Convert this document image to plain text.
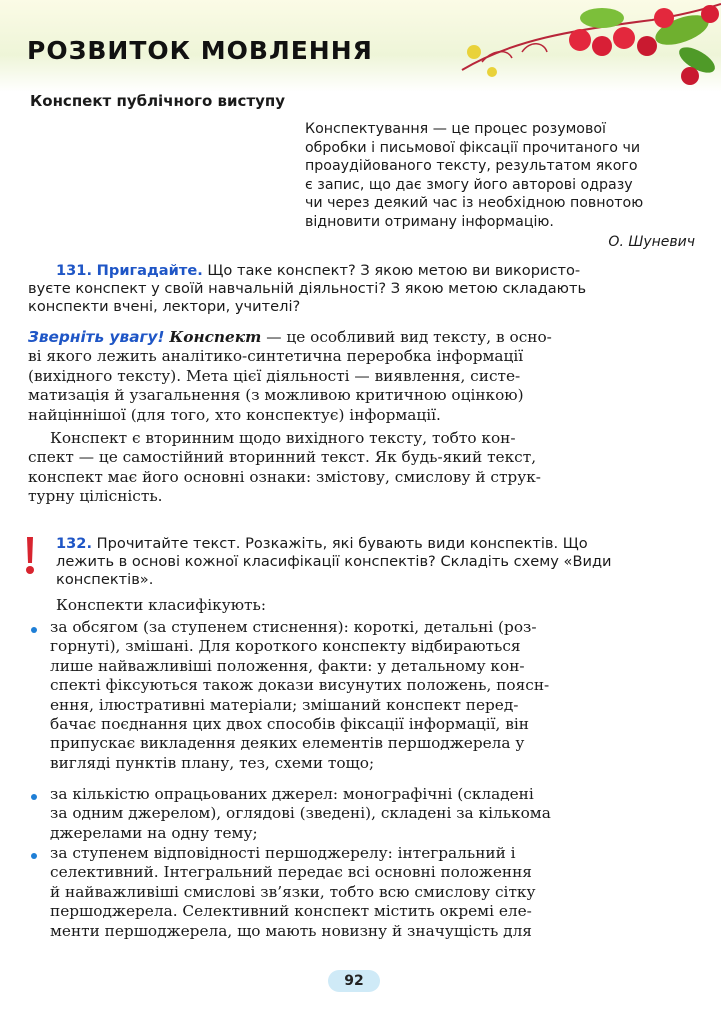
РОЗВИТОК МОВЛЕННЯ
Конспект публічного виступу
Конспектування — це процес розумової
обробки і письмової фіксації прочитаного чи
проаудійованого тексту, результатом якого
є запис, що дає змогу його авторові одразу
чи через деякий час із необхідною повнотою
відновити отриману інформацію.
О. Шуневич
131. Пригадайте. Що таке конспект? З якою метою ви використо-
вуєте конспект у своїй навчальній діяльності? З якою метою складають
конспекти вчені, лектори, учителі?
Зверніть увагу! Конспект — це особливий вид тексту, в осно-
ві якого лежить аналітико-синтетична переробка інформації
(вихідного тексту). Мета цієї діяльності — виявлення, систе-
матизація й узагальнення (з можливою критичною оцінкою)
найціннішої (для того, хто конспектує) інформації.
Конспект є вторинним щодо вихідного тексту, тобто кон-
спект — це самостійний вторинний текст. Як будь-який текст,
конспект має його основні ознаки: змістову, смислову й струк-
турну цілісність.
132. Прочитайте текст. Розкажіть, які бувають види конспектів. Що
лежить в основі кожної класифікації конспектів? Складіть схему «Види
конспектів».
Конспекти класифікують:
за обсягом (за ступенем стиснення): короткі, детальні (роз-
горнуті), змішані. Для короткого конспекту відбираються
лише найважливіші положення, факти: у детальному кон-
спекті фіксуються також докази висунутих положень, поясн-
ення, ілюстративні матеріали; змішаний конспект перед-
бачає поєднання цих двох способів фіксації інформації, він
припускає викладення деяких елементів першоджерела у
вигляді пунктів плану, тез, схеми тощо;
за кількістю опрацьованих джерел: монографічні (складені
за одним джерелом), оглядові (зведені), складені за кількома
джерелами на одну тему;
за ступенем відповідності першоджерелу: інтегральний і
селективний. Інтегральний передає всі основні положення
й найважливіші смислові зв’язки, тобто всю смислову сітку
першоджерела. Селективний конспект містить окремі еле-
менти першоджерела, що мають новизну й значущість для
92
